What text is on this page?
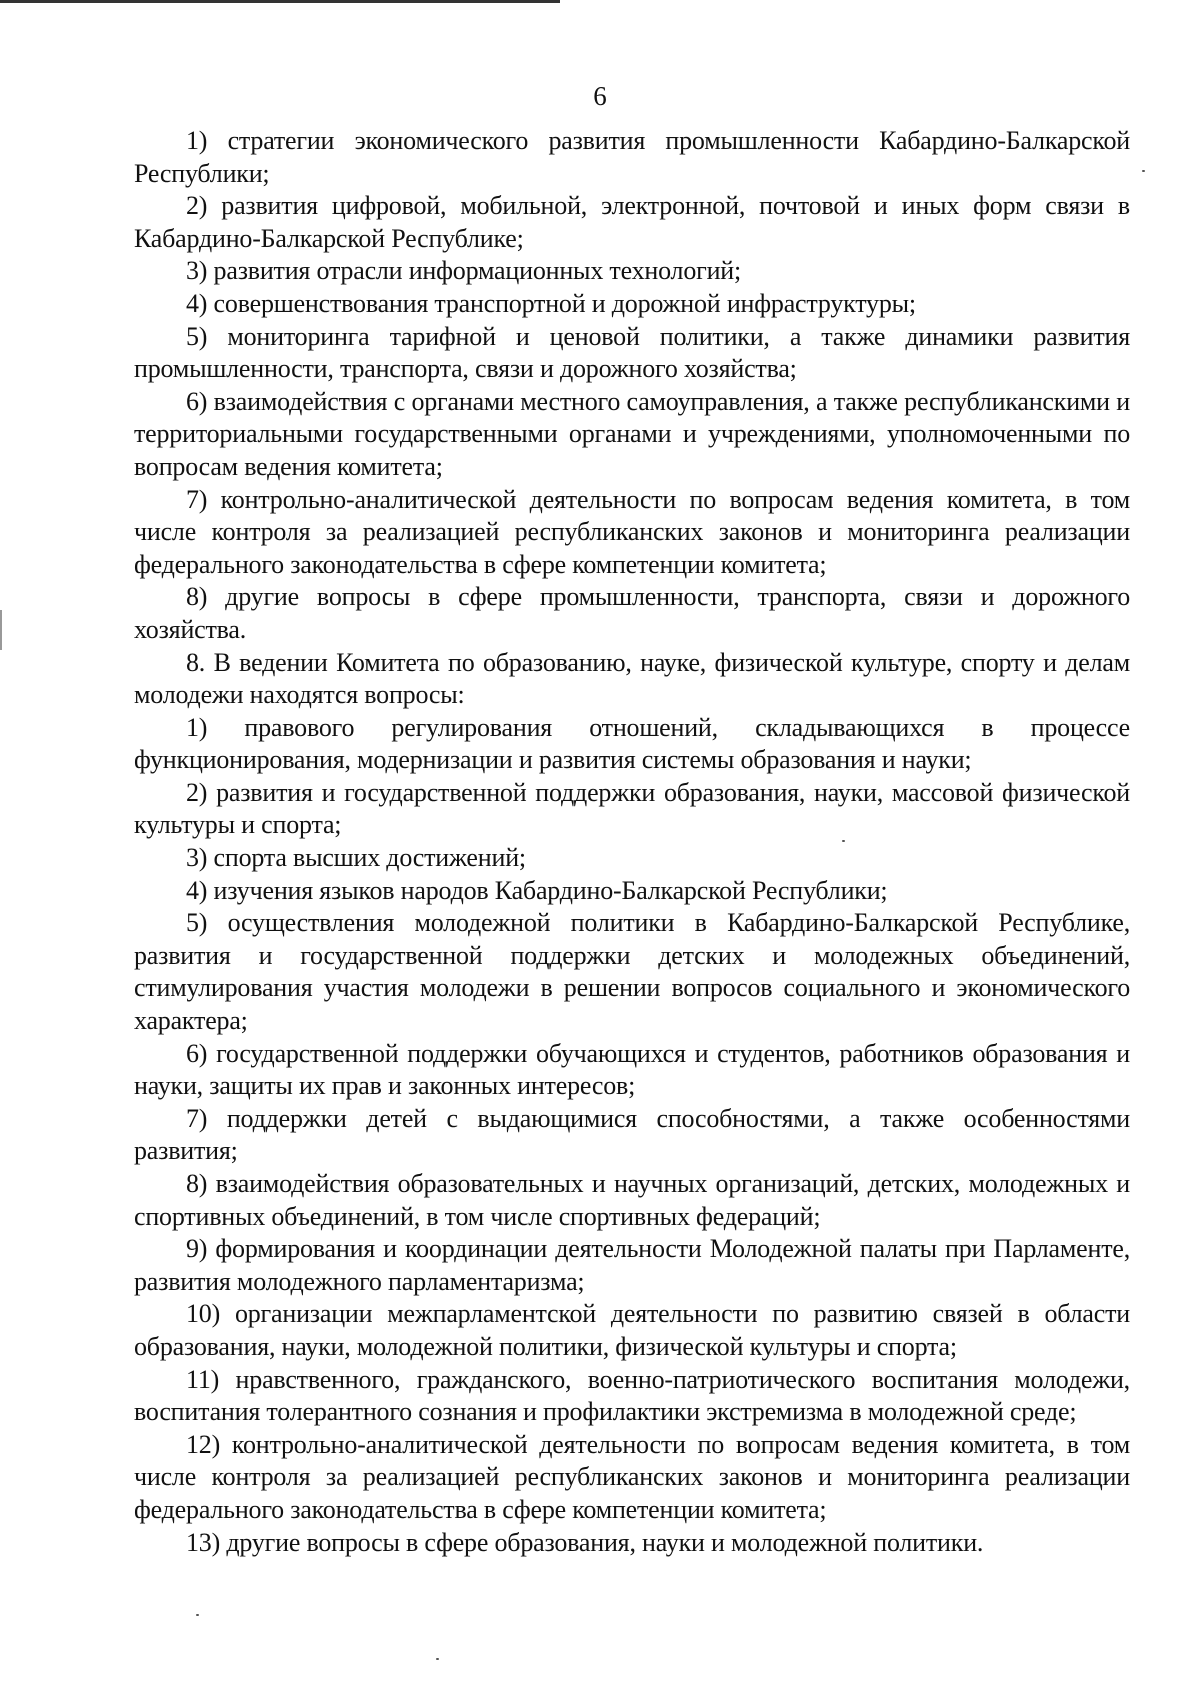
6

1) стратегии экономического развития промышленности Кабардино-Балкарской Республики;

2) развития цифровой, мобильной, электронной, почтовой и иных форм связи в Кабардино-Балкарской Республике;

3) развития отрасли информационных технологий;

4) совершенствования транспортной и дорожной инфраструктуры;

5) мониторинга тарифной и ценовой политики, а также динамики развития промышленности, транспорта, связи и дорожного хозяйства;

6) взаимодействия с органами местного самоуправления, а также республиканскими и территориальными государственными органами и учреждениями, уполномоченными по вопросам ведения комитета;

7) контрольно-аналитической деятельности по вопросам ведения комитета, в том числе контроля за реализацией республиканских законов и мониторинга реализации федерального законодательства в сфере компетенции комитета;

8) другие вопросы в сфере промышленности, транспорта, связи и дорожного хозяйства.

8. В ведении Комитета по образованию, науке, физической культуре, спорту и делам молодежи находятся вопросы:

1) правового регулирования отношений, складывающихся в процессе функционирования, модернизации и развития системы образования и науки;

2) развития и государственной поддержки образования, науки, массовой физической культуры и спорта;

3) спорта высших достижений;

4) изучения языков народов Кабардино-Балкарской Республики;

5) осуществления молодежной политики в Кабардино-Балкарской Республике, развития и государственной поддержки детских и молодежных объединений, стимулирования участия молодежи в решении вопросов социального и экономического характера;

6) государственной поддержки обучающихся и студентов, работников образования и науки, защиты их прав и законных интересов;

7) поддержки детей с выдающимися способностями, а также особенностями развития;

8) взаимодействия образовательных и научных организаций, детских, молодежных и спортивных объединений, в том числе спортивных федераций;

9) формирования и координации деятельности Молодежной палаты при Парламенте, развития молодежного парламентаризма;

10) организации межпарламентской деятельности по развитию связей в области образования, науки, молодежной политики, физической культуры и спорта;

11) нравственного, гражданского, военно-патриотического воспитания молодежи, воспитания толерантного сознания и профилактики экстремизма в молодежной среде;

12) контрольно-аналитической деятельности по вопросам ведения комитета, в том числе контроля за реализацией республиканских законов и мониторинга реализации федерального законодательства в сфере компетенции комитета;

13) другие вопросы в сфере образования, науки и молодежной политики.
